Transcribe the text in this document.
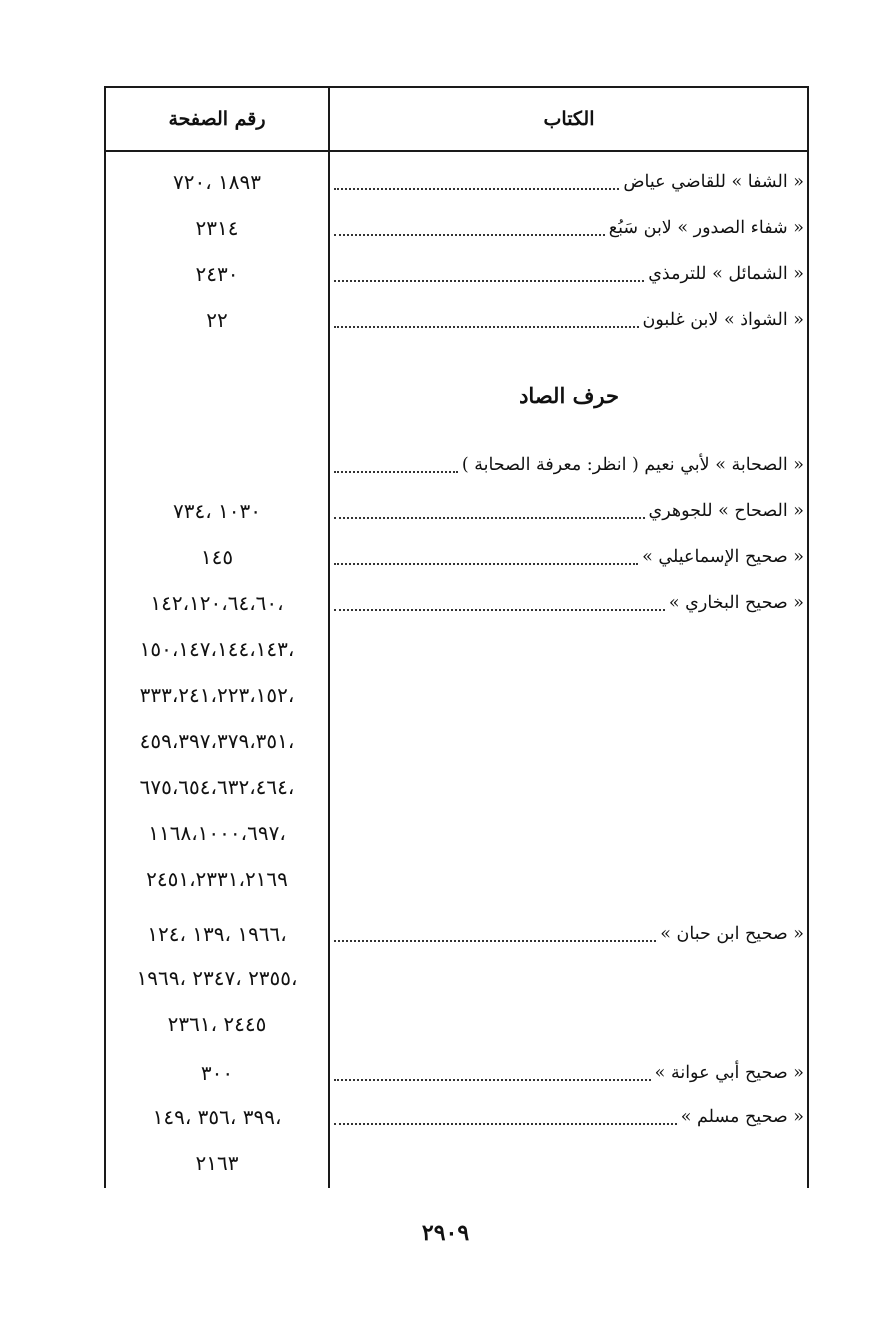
الكتاب
رقم الصفحة
« الشفا » للقاضي عياض
١٨٩٣ ،٧٢٠
« شفاء الصدور » لابن سَبُع
٢٣١٤
« الشمائل » للترمذي
٢٤٣٠
« الشواذ » لابن غلبون
٢٢
حرف الصاد
« الصحابة » لأبي نعيم ( انظر: معرفة الصحابة )
« الصحاح » للجوهري
١٠٣٠ ،٧٣٤
« صحيح الإسماعيلي »
١٤٥
« صحيح البخاري »
،١٤٢،١٢٠،٦٤،٦٠
،١٥٠،١٤٧،١٤٤،١٤٣
،٣٣٣،٢٤١،٢٢٣،١٥٢
،٤٥٩،٣٩٧،٣٧٩،٣٥١
،٦٧٥،٦٥٤،٦٣٢،٤٦٤
،١١٦٨،١٠٠٠،٦٩٧
٢٤٥١،٢٣٣١،٢١٦٩
« صحيح ابن حبان »
،١٩٦٦ ،١٣٩ ،١٢٤
،٢٣٥٥ ،٢٣٤٧ ،١٩٦٩
٢٤٤٥ ،٢٣٦١
« صحيح أبي عوانة »
٣٠٠
« صحيح مسلم »
،٣٩٩ ،٣٥٦ ،١٤٩
٢١٦٣
٢٩٠٩
